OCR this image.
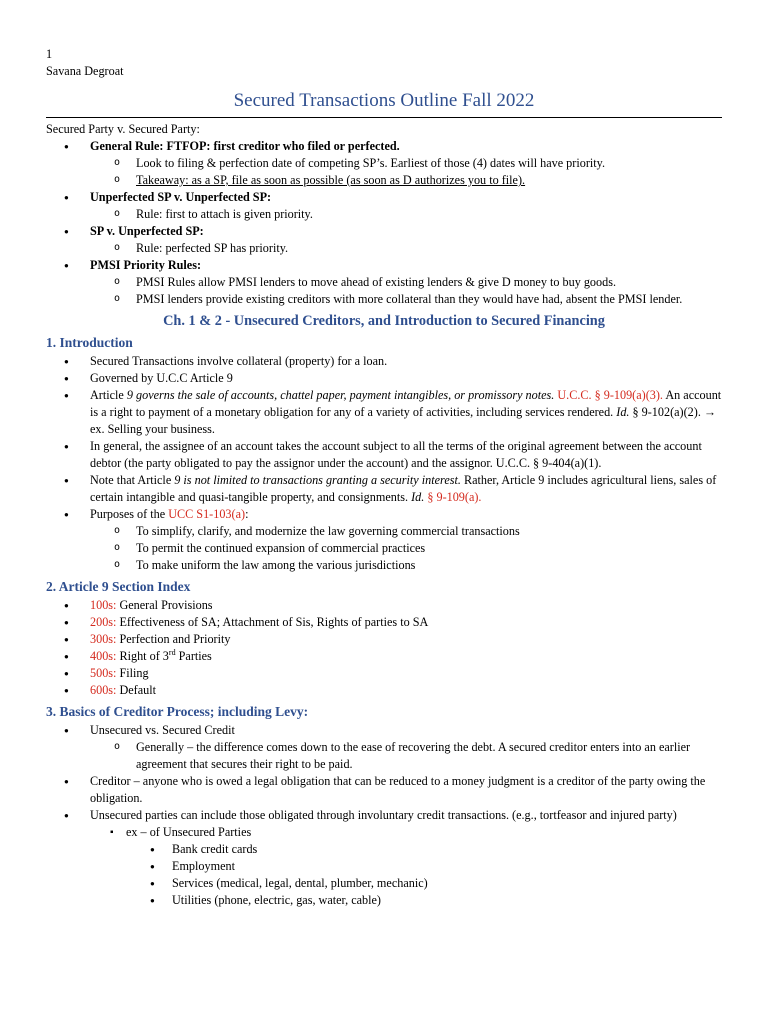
1
Savana Degroat
Secured Transactions Outline Fall 2022
Secured Party v. Secured Party:
● General Rule: FTFOP: first creditor who filed or perfected.
o Look to filing & perfection date of competing SP’s. Earliest of those (4) dates will have priority.
o Takeaway: as a SP, file as soon as possible (as soon as D authorizes you to file).
● Unperfected SP v. Unperfected SP:
o Rule: first to attach is given priority.
● SP v. Unperfected SP:
o Rule: perfected SP has priority.
● PMSI Priority Rules:
o PMSI Rules allow PMSI lenders to move ahead of existing lenders & give D money to buy goods.
o PMSI lenders provide existing creditors with more collateral than they would have had, absent the PMSI lender.
Ch. 1 & 2 - Unsecured Creditors, and Introduction to Secured Financing
1. Introduction
● Secured Transactions involve collateral (property) for a loan.
● Governed by U.C.C Article 9
● Article 9 governs the sale of accounts, chattel paper, payment intangibles, or promissory notes. U.C.C. § 9-109(a)(3). An account is a right to payment of a monetary obligation for any of a variety of activities, including services rendered. Id. § 9-102(a)(2). → ex. Selling your business.
● In general, the assignee of an account takes the account subject to all the terms of the original agreement between the account debtor (the party obligated to pay the assignor under the account) and the assignor. U.C.C. § 9-404(a)(1).
● Note that Article 9 is not limited to transactions granting a security interest. Rather, Article 9 includes agricultural liens, sales of certain intangible and quasi-tangible property, and consignments. Id. § 9-109(a).
● Purposes of the UCC S1-103(a):
o To simplify, clarify, and modernize the law governing commercial transactions
o To permit the continued expansion of commercial practices
o To make uniform the law among the various jurisdictions
2. Article 9 Section Index
● 100s: General Provisions
● 200s: Effectiveness of SA; Attachment of Sis, Rights of parties to SA
● 300s: Perfection and Priority
● 400s: Right of 3rd Parties
● 500s: Filing
● 600s: Default
3. Basics of Creditor Process; including Levy:
● Unsecured vs. Secured Credit
o Generally – the difference comes down to the ease of recovering the debt. A secured creditor enters into an earlier agreement that secures their right to be paid.
● Creditor – anyone who is owed a legal obligation that can be reduced to a money judgment is a creditor of the party owing the obligation.
● Unsecured parties can include those obligated through involuntary credit transactions. (e.g., tortfeasor and injured party)
▪ ex – of Unsecured Parties
● Bank credit cards
● Employment
● Services (medical, legal, dental, plumber, mechanic)
● Utilities (phone, electric, gas, water, cable)
